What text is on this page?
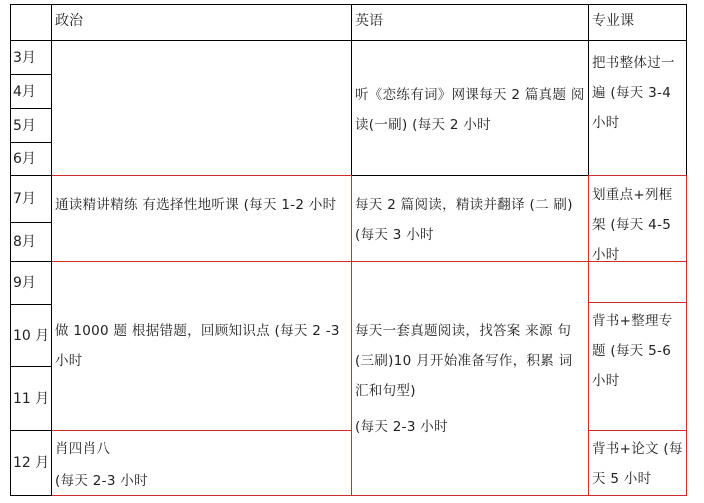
政治	英语	专业课
3月
4月
5月
6月
7月
8月
9月
10 月
11 月
12 月
通读精讲精练 有选择性地听课 (每天 1-2 小时
做 1000 题 根据错题，回顾知识点 (每天 2 -3 小时
肖四肖八
(每天 2-3 小时
听《恋练有词》网课每天 2 篇真题 阅读(一刷) (每天 2 小时
每天 2 篇阅读，精读并翻译 (二 刷)(每天 3 小时
每天一套真题阅读，找答案 来源 句(三刷)10 月开始准备写作，积累 词 汇和句型)
(每天 2-3 小时
把书整体过一遍 (每天 3-4 小时
划重点+列框架 (每天 4-5 小时
背书+整理专题 (每天 5-6 小时
背书+论文 (每天 5 小时
